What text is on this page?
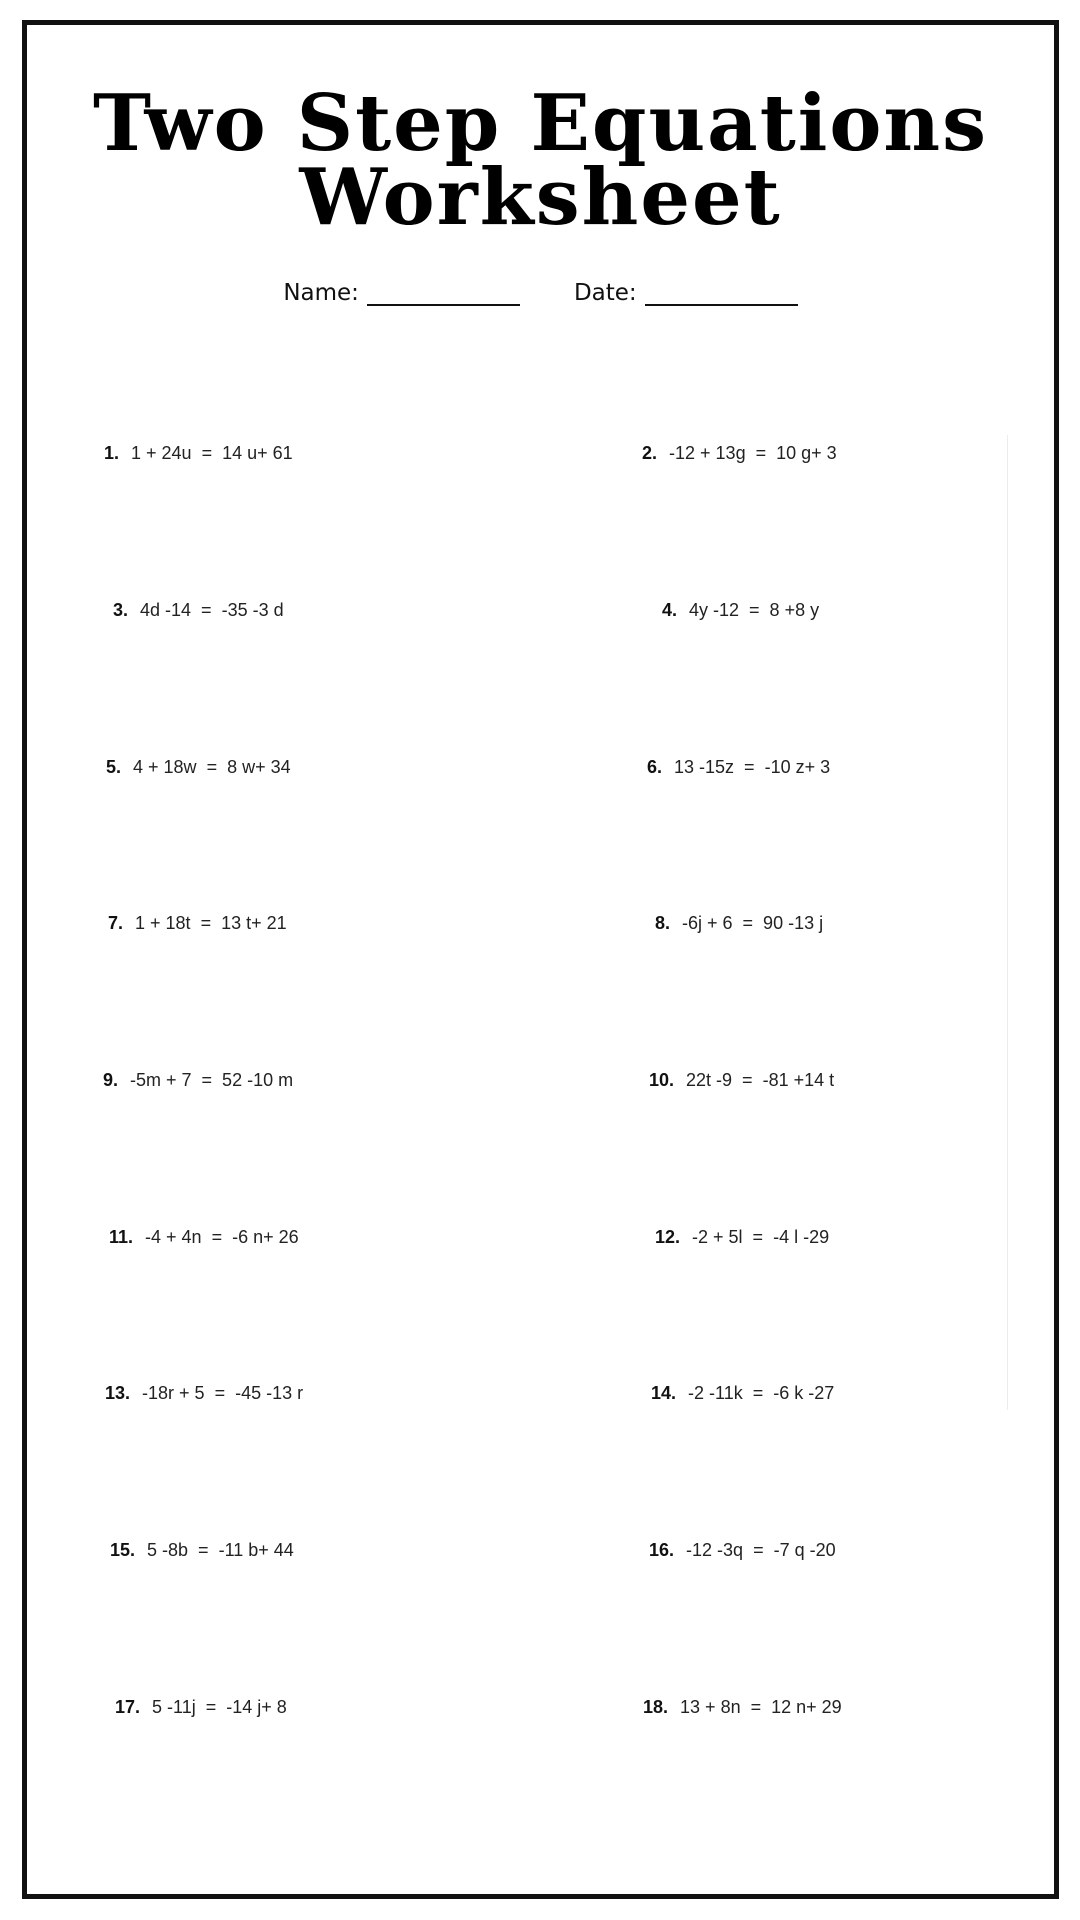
Two Step Equations
Worksheet
Name:	Date:
1. 1 + 24u  =  14 u+ 61	2. -12 + 13g  =  10 g+ 3
3. 4d -14  =  -35 -3 d	4. 4y -12  =  8 +8 y
5. 4 + 18w  =  8 w+ 34	6. 13 -15z  =  -10 z+ 3
7. 1 + 18t  =  13 t+ 21	8. -6j + 6  =  90 -13 j
9. -5m + 7  =  52 -10 m	10. 22t -9  =  -81 +14 t
11. -4 + 4n  =  -6 n+ 26	12. -2 + 5l  =  -4 l -29
13. -18r + 5  =  -45 -13 r	14. -2 -11k  =  -6 k -27
15. 5 -8b  =  -11 b+ 44	16. -12 -3q  =  -7 q -20
17. 5 -11j  =  -14 j+ 8	18. 13 + 8n  =  12 n+ 29
